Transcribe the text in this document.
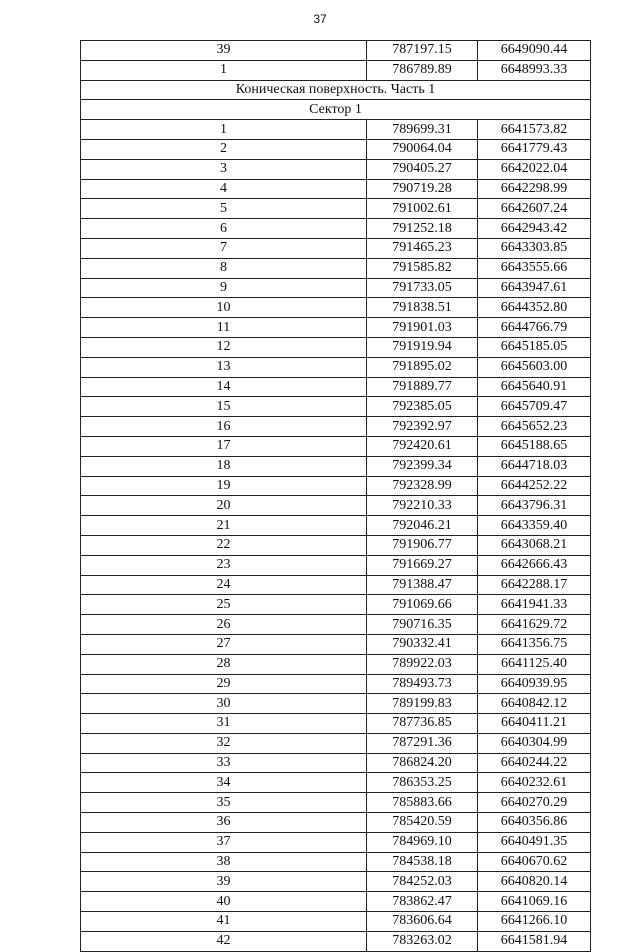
37
39	787197.15	6649090.44
1	786789.89	6648993.33
Коническая поверхность. Часть 1		
Сектор 1		
1	789699.31	6641573.82
2	790064.04	6641779.43
3	790405.27	6642022.04
4	790719.28	6642298.99
5	791002.61	6642607.24
6	791252.18	6642943.42
7	791465.23	6643303.85
8	791585.82	6643555.66
9	791733.05	6643947.61
10	791838.51	6644352.80
11	791901.03	6644766.79
12	791919.94	6645185.05
13	791895.02	6645603.00
14	791889.77	6645640.91
15	792385.05	6645709.47
16	792392.97	6645652.23
17	792420.61	6645188.65
18	792399.34	6644718.03
19	792328.99	6644252.22
20	792210.33	6643796.31
21	792046.21	6643359.40
22	791906.77	6643068.21
23	791669.27	6642666.43
24	791388.47	6642288.17
25	791069.66	6641941.33
26	790716.35	6641629.72
27	790332.41	6641356.75
28	789922.03	6641125.40
29	789493.73	6640939.95
30	789199.83	6640842.12
31	787736.85	6640411.21
32	787291.36	6640304.99
33	786824.20	6640244.22
34	786353.25	6640232.61
35	785883.66	6640270.29
36	785420.59	6640356.86
37	784969.10	6640491.35
38	784538.18	6640670.62
39	784252.03	6640820.14
40	783862.47	6641069.16
41	783606.64	6641266.10
42	783263.02	6641581.94
